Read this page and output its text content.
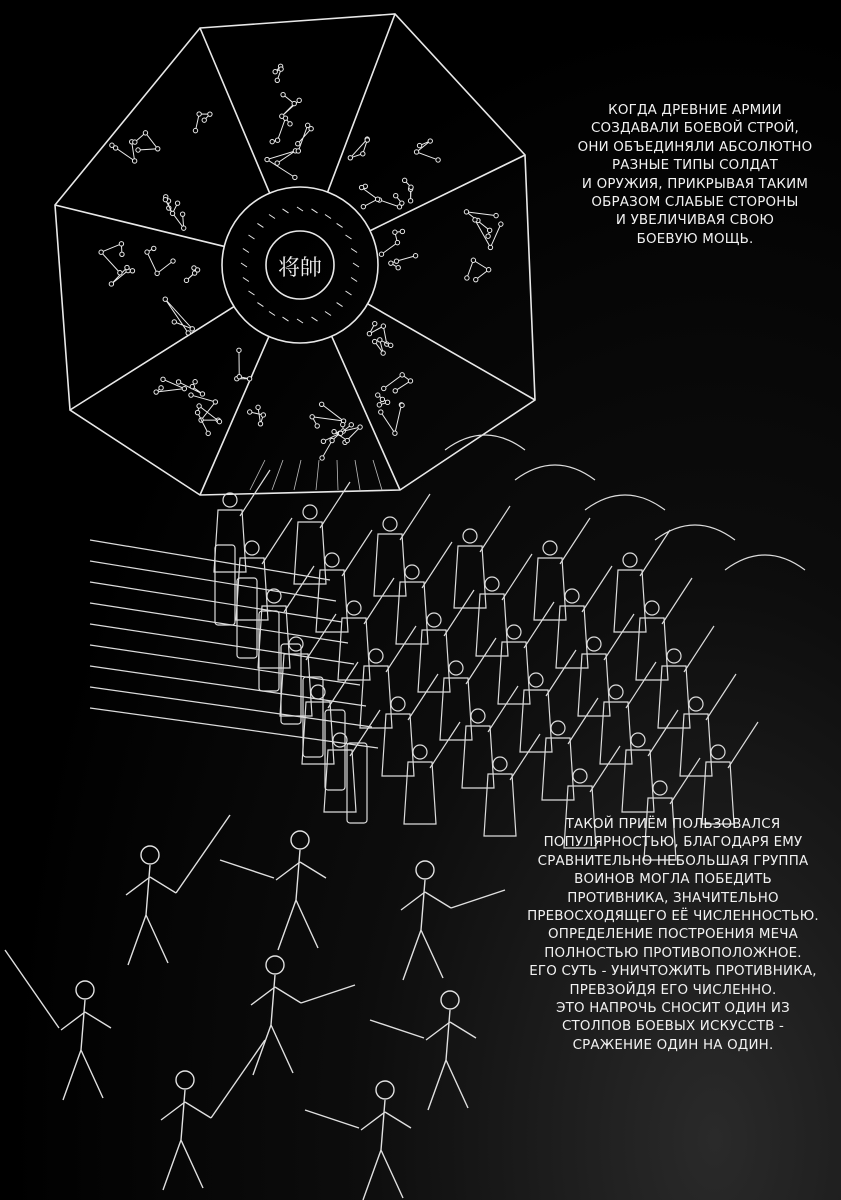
将帥
КОГДА ДРЕВНИЕ АРМИИ
СОЗДАВАЛИ БОЕВОЙ СТРОЙ,
ОНИ ОБЪЕДИНЯЛИ АБСОЛЮТНО
РАЗНЫЕ ТИПЫ СОЛДАТ
И ОРУЖИЯ, ПРИКРЫВАЯ ТАКИМ
ОБРАЗОМ СЛАБЫЕ СТОРОНЫ
И УВЕЛИЧИВАЯ СВОЮ
БОЕВУЮ МОЩЬ.
ТАКОЙ ПРИЁМ ПОЛЬЗОВАЛСЯ
ПОПУЛЯРНОСТЬЮ, БЛАГОДАРЯ ЕМУ
СРАВНИТЕЛЬНО НЕБОЛЬШАЯ ГРУППА
ВОИНОВ МОГЛА ПОБЕДИТЬ
ПРОТИВНИКА, ЗНАЧИТЕЛЬНО
ПРЕВОСХОДЯЩЕГО ЕЁ ЧИСЛЕННОСТЬЮ.
ОПРЕДЕЛЕНИЕ ПОСТРОЕНИЯ МЕЧА
ПОЛНОСТЬЮ ПРОТИВОПОЛОЖНОЕ.
ЕГО СУТЬ - УНИЧТОЖИТЬ ПРОТИВНИКА,
ПРЕВЗОЙДЯ ЕГО ЧИСЛЕННО.
ЭТО НАПРОЧЬ СНОСИТ ОДИН ИЗ
СТОЛПОВ БОЕВЫХ ИСКУССТВ -
СРАЖЕНИЕ ОДИН НА ОДИН.
